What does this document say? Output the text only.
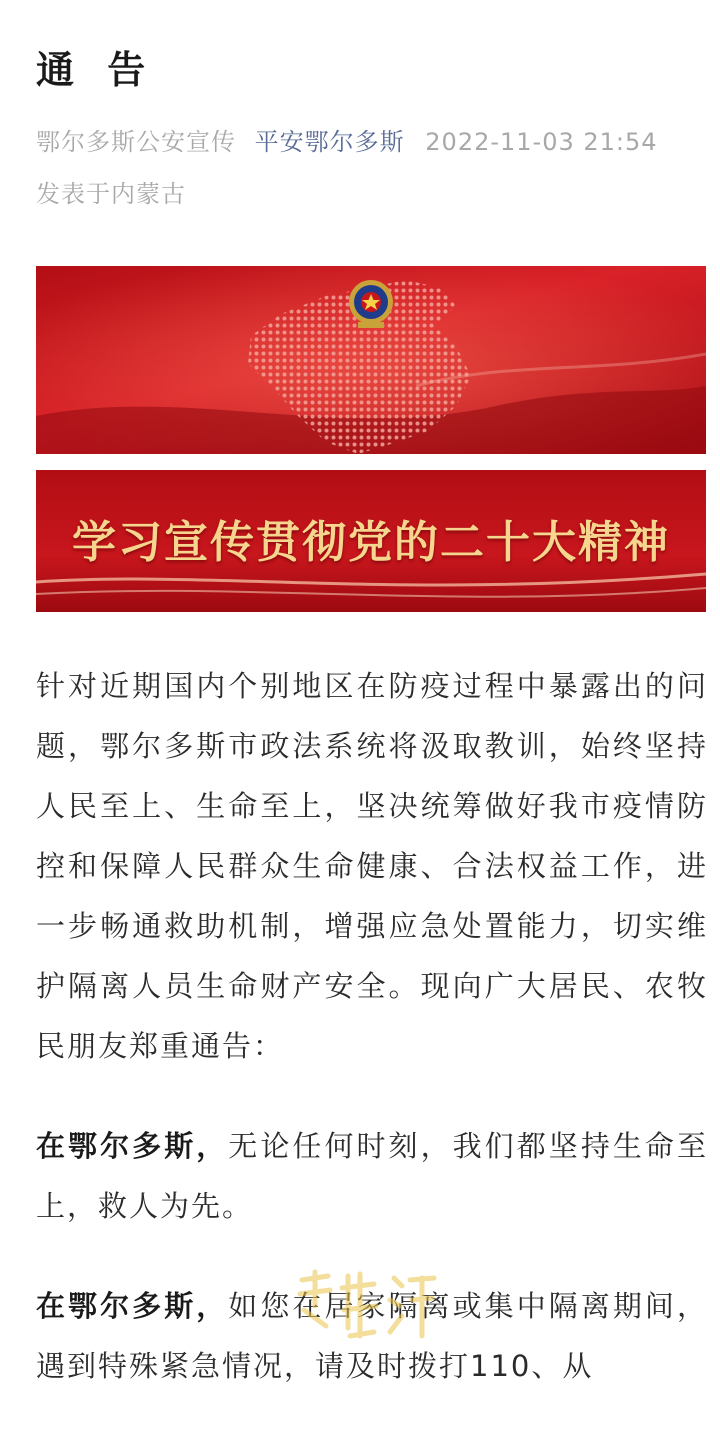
通 告
鄂尔多斯公安宣传 平安鄂尔多斯 2022-11-03 21:54
发表于内蒙古
学习宣传贯彻党的二十大精神

针对近期国内个别地区在防疫过程中暴露出的问题，鄂尔多斯市政法系统将汲取教训，始终坚持人民至上、生命至上，坚决统筹做好我市疫情防控和保障人民群众生命健康、合法权益工作，进一步畅通救助机制，增强应急处置能力，切实维护隔离人员生命财产安全。现向广大居民、农牧民朋友郑重通告：

在鄂尔多斯，无论任何时刻，我们都坚持生命至上，救人为先。

在鄂尔多斯，如您在居家隔离或集中隔离期间，遇到特殊紧急情况，请及时拨打110、从
